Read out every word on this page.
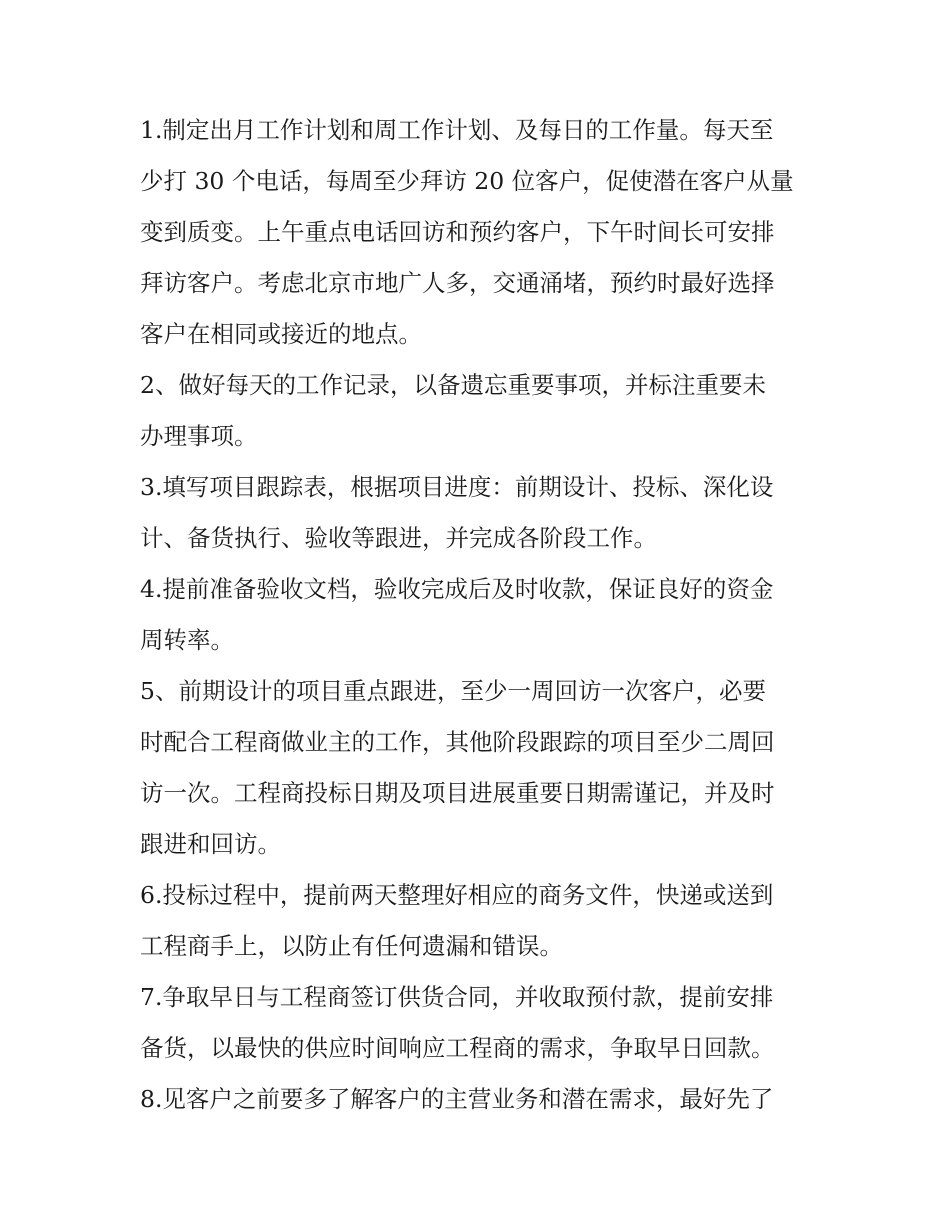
1.制定出月工作计划和周工作计划、及每日的工作量。每天至
少打 30 个电话，每周至少拜访 20 位客户，促使潜在客户从量
变到质变。上午重点电话回访和预约客户，下午时间长可安排
拜访客户。考虑北京市地广人多，交通涌堵，预约时最好选择
客户在相同或接近的地点。
2、做好每天的工作记录，以备遗忘重要事项，并标注重要未
办理事项。
3.填写项目跟踪表，根据项目进度：前期设计、投标、深化设
计、备货执行、验收等跟进，并完成各阶段工作。
4.提前准备验收文档，验收完成后及时收款，保证良好的资金
周转率。
5、前期设计的项目重点跟进，至少一周回访一次客户，必要
时配合工程商做业主的工作，其他阶段跟踪的项目至少二周回
访一次。工程商投标日期及项目进展重要日期需谨记，并及时
跟进和回访。
6.投标过程中，提前两天整理好相应的商务文件，快递或送到
工程商手上，以防止有任何遗漏和错误。
7.争取早日与工程商签订供货合同，并收取预付款，提前安排
备货，以最快的供应时间响应工程商的需求，争取早日回款。
8.见客户之前要多了解客户的主营业务和潜在需求，最好先了
